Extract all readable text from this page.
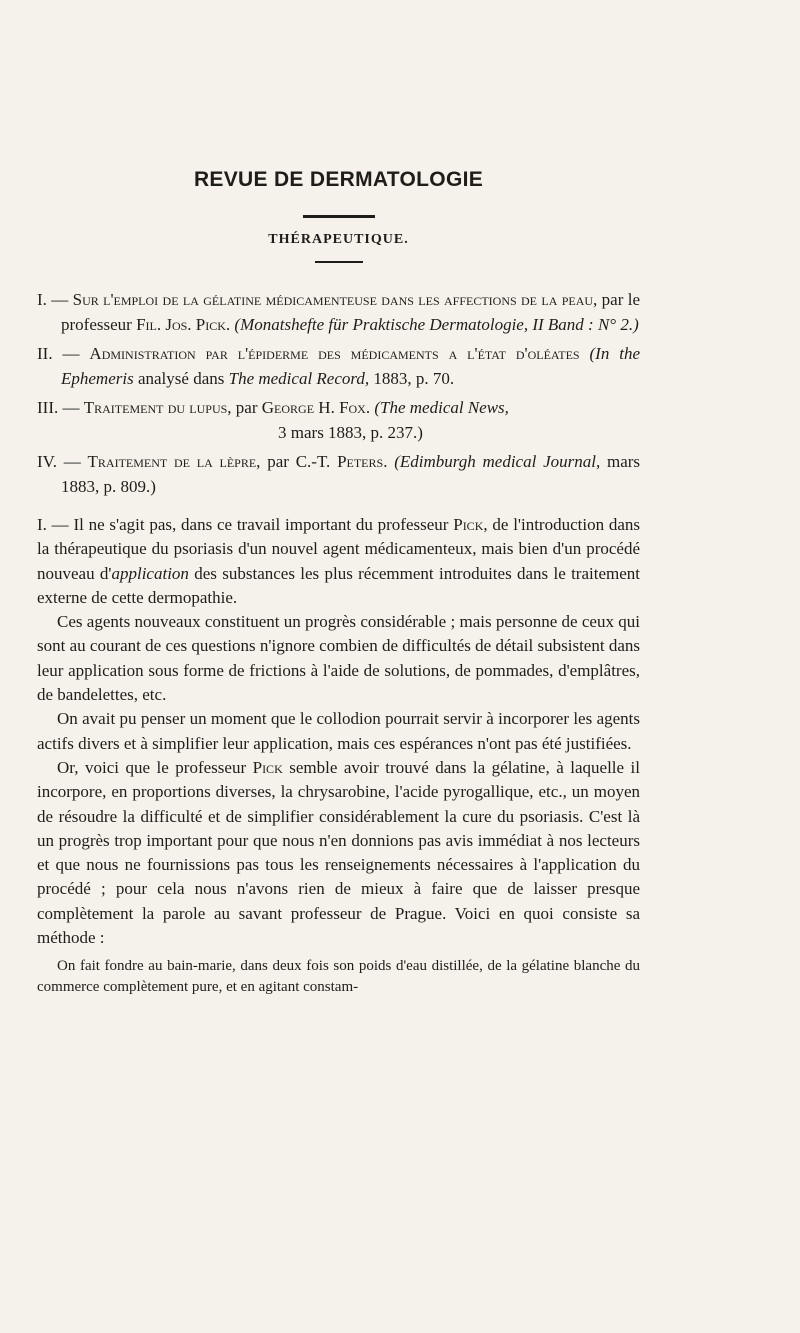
REVUE DE DERMATOLOGIE
THÉRAPEUTIQUE.

I. — Sur l'emploi de la gélatine médicamenteuse dans les affections de la peau, par le professeur Fil. Jos. Pick. (Monatshefte für Praktische Dermatologie, II Band : N° 2.)

II. — Administration par l'épiderme des médicaments a l'état d'oléates (In the Ephemeris analysé dans The medical Record, 1883, p. 70.

III. — Traitement du lupus, par George H. Fox. (The medical News,
3 mars 1883, p. 237.)

IV. — Traitement de la lèpre, par C.-T. Peters. (Edimburgh medical Journal, mars 1883, p. 809.)

I. — Il ne s'agit pas, dans ce travail important du professeur Pick, de l'introduction dans la thérapeutique du psoriasis d'un nouvel agent médicamenteux, mais bien d'un procédé nouveau d'application des substances les plus récemment introduites dans le traitement externe de cette dermopathie.

Ces agents nouveaux constituent un progrès considérable ; mais personne de ceux qui sont au courant de ces questions n'ignore combien de difficultés de détail subsistent dans leur application sous forme de frictions à l'aide de solutions, de pommades, d'emplâtres, de bandelettes, etc.

On avait pu penser un moment que le collodion pourrait servir à incorporer les agents actifs divers et à simplifier leur application, mais ces espérances n'ont pas été justifiées.

Or, voici que le professeur Pick semble avoir trouvé dans la gélatine, à laquelle il incorpore, en proportions diverses, la chrysarobine, l'acide pyrogallique, etc., un moyen de résoudre la difficulté et de simplifier considérablement la cure du psoriasis. C'est là un progrès trop important pour que nous n'en donnions pas avis immédiat à nos lecteurs et que nous ne fournissions pas tous les renseignements nécessaires à l'application du procédé ; pour cela nous n'avons rien de mieux à faire que de laisser presque complètement la parole au savant professeur de Prague. Voici en quoi consiste sa méthode :

On fait fondre au bain-marie, dans deux fois son poids d'eau distillée, de la gélatine blanche du commerce complètement pure, et en agitant constam-
